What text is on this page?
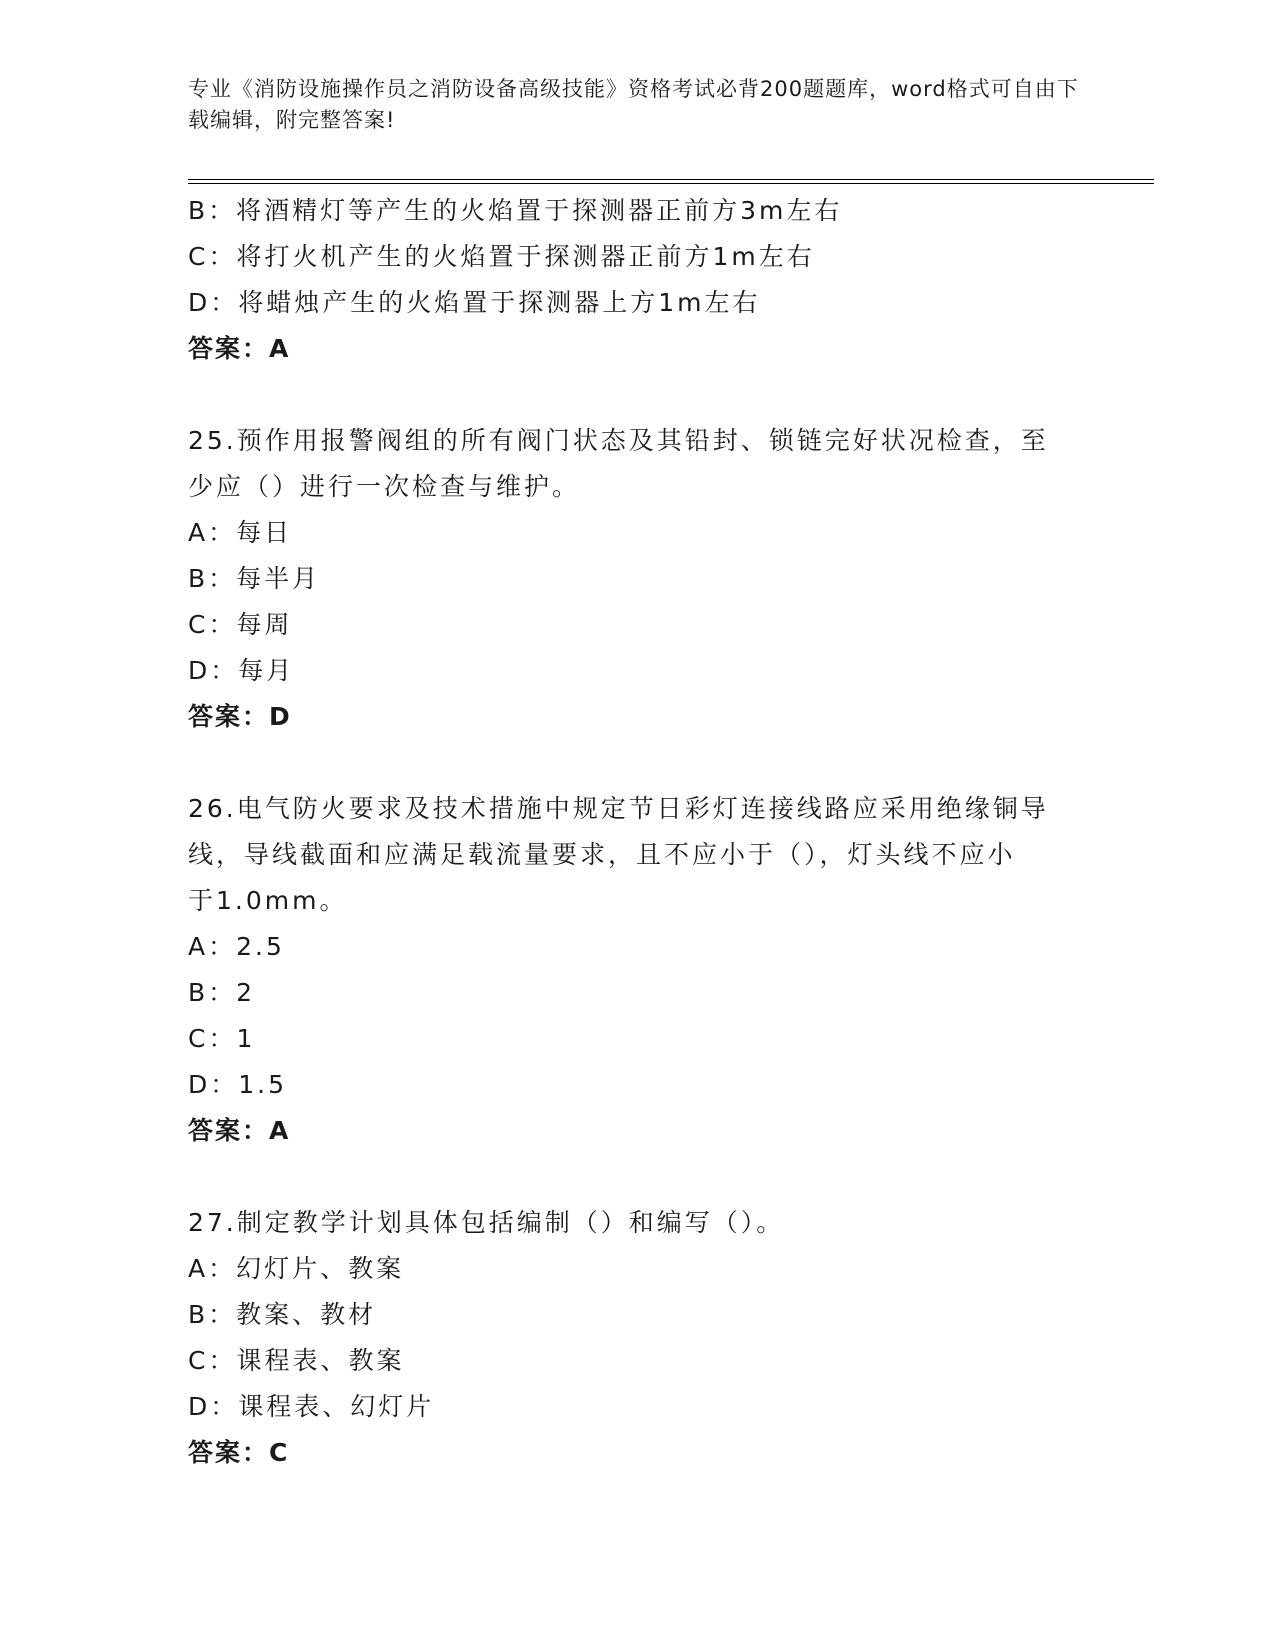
专业《消防设施操作员之消防设备高级技能》资格考试必背200题题库，word格式可自由下载编辑，附完整答案!
B：将酒精灯等产生的火焰置于探测器正前方3m左右
C：将打火机产生的火焰置于探测器正前方1m左右
D：将蜡烛产生的火焰置于探测器上方1m左右
答案：A
25.预作用报警阀组的所有阀门状态及其铅封、锁链完好状况检查，至
少应（）进行一次检查与维护。
A：每日
B：每半月
C：每周
D：每月
答案：D
26.电气防火要求及技术措施中规定节日彩灯连接线路应采用绝缘铜导
线，导线截面和应满足载流量要求，且不应小于（），灯头线不应小
于1.0mm。
A：2.5
B：2
C：1
D：1.5
答案：A
27.制定教学计划具体包括编制（）和编写（）。
A：幻灯片、教案
B：教案、教材
C：课程表、教案
D：课程表、幻灯片
答案：C
